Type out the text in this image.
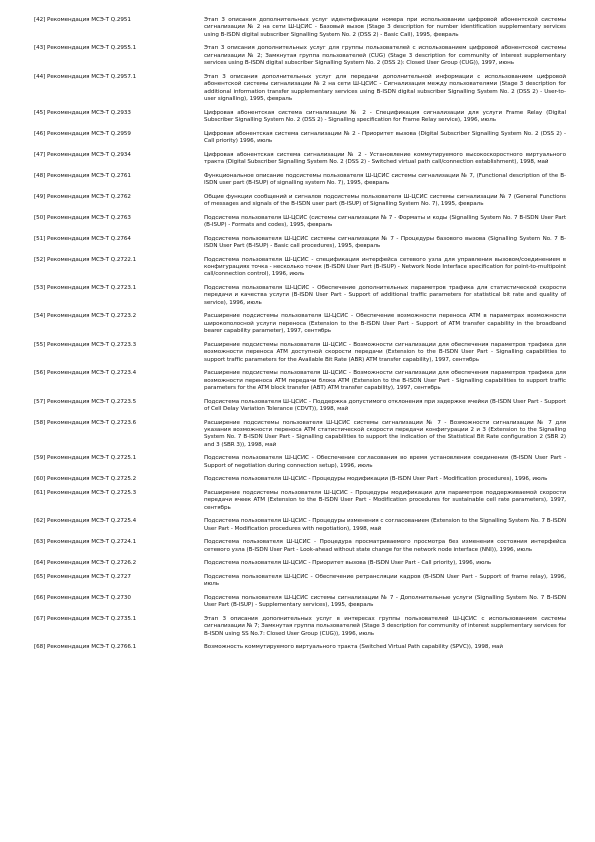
[42] Рекомендация МСЭ-Т Q.2951	Этап 3 описания дополнительных услуг идентификации номера при использовании цифровой абонентской системы сигнализации № 2 на сети Ш-ЦСИС - Базовый вызов (Stage 3 description for number identification supplementary services using B-ISDN digital subscriber Signalling System No. 2 (DSS 2) - Basic Call), 1995, февраль
[43] Рекомендация МСЭ-Т Q.2955.1	Этап 3 описания дополнительных услуг для группы пользователей с использованием цифровой абонентской системы сигнализации № 2; Замкнутая группа пользователей (CUG) (Stage 3 description for community of interest supplementary services using B-ISDN digital subscriber Signalling System No. 2 (DSS 2): Closed User Group (CUG)), 1997, июнь
[44] Рекомендация МСЭ-Т Q.2957.1	Этап 3 описания дополнительных услуг для передачи дополнительной информации с использованием цифровой абонентской системы сигнализации № 2 на сети Ш-ЦСИС - Сигнализация между пользователями (Stage 3 description for additional information transfer supplementary services using B-ISDN digital subscriber Signalling System No. 2 (DSS 2) - User-to-user signalling), 1995, февраль
[45] Рекомендация МСЭ-Т Q.2933	Цифровая абонентская система сигнализации № 2 - Спецификация сигнализации для услуги Frame Relay (Digital Subscriber Signalling System No. 2 (DSS 2) - Signalling specification for Frame Relay service), 1996, июль
[46] Рекомендация МСЭ-Т Q.2959	Цифровая абонентская система сигнализации № 2 - Приоритет вызова (Digital Subscriber Signalling System No. 2 (DSS 2) - Call priority) 1996, июль
[47] Рекомендация МСЭ-Т Q.2934	Цифровая абонентская система сигнализации № 2 - Установление коммутируемого высокоскоростного виртуального тракта (Digital Subscriber Signalling System No. 2 (DSS 2) - Switched virtual path call/connection establishment), 1998, май
[48] Рекомендация МСЭ-Т Q.2761	Функциональное описание подсистемы пользователя Ш-ЦСИС системы сигнализации № 7, (Functional description of the B-ISDN user part (B-ISUP) of signalling system No. 7), 1995, февраль
[49] Рекомендация МСЭ-Т Q.2762	Общие функции сообщений и сигналов подсистемы пользователя Ш-ЦСИС системы сигнализации № 7 (General Functions of messages and signals of the B-ISDN user part (B-ISUP) of Signalling System No. 7), 1995, февраль
[50] Рекомендация МСЭ-Т Q.2763	Подсистема пользователя Ш-ЦСИС (системы сигнализации № 7 - Форматы и коды (Signalling System No. 7 B-ISDN User Part (B-ISUP) - Formats and codes), 1995, февраль
[51] Рекомендация МСЭ-Т Q.2764	Подсистема пользователя Ш-ЦСИС системы сигнализации № 7 - Процедуры базового вызова (Signalling System No. 7 B-ISDN User Part (B-ISUP) - Basic call procedures), 1995, февраль
[52] Рекомендация МСЭ-Т Q.2722.1	Подсистема пользователя Ш-ЦСИС - спецификация интерфейса сетевого узла для управления вызовом/соединением в конфигурациях точка - несколько точек (B-ISDN User Part (B-ISUP) - Network Node Interface specification for point-to-multipoint call/connection control), 1996, июль
[53] Рекомендация МСЭ-Т Q.2723.1	Подсистема пользователя Ш-ЦСИС - Обеспечение дополнительных параметров трафика для статистической скорости передачи и качества услуги (B-ISDN User Part - Support of additional traffic parameters for statistical bit rate and quality of service), 1996, июль
[54] Рекомендация МСЭ-Т Q.2723.2	Расширение подсистемы пользователя Ш-ЦСИС - Обеспечение возможности переноса ATM в параметрах возможности широкополосной услуги переноса (Extension to the B-ISDN User Part - Support of ATM transfer capability in the broadband bearer capability parameter), 1997, сентябрь
[55] Рекомендация МСЭ-Т Q.2723.3	Расширение подсистемы пользователя Ш-ЦСИС - Возможности сигнализации для обеспечения параметров трафика для возможности переноса ATM доступной скорости передачи (Extension to the B-ISDN User Part - Signalling capabilities to support traffic parameters for the Available Bit Rate (ABR) ATM transfer capability), 1997, сентябрь
[56] Рекомендация МСЭ-Т Q.2723.4	Расширение подсистемы пользователя Ш-ЦСИС - Возможности сигнализации для обеспечения параметров трафика для возможности переноса ATM передачи блока ATM (Extension to the B-ISDN User Part - Signalling capabilities to support traffic parameters for the ATM block transfer (ABT) ATM transfer capability), 1997, сентябрь
[57] Рекомендация МСЭ-Т Q.2723.5	Подсистема пользователя Ш-ЦСИС - Поддержка допустимого отклонения при задержке ячейки (B-ISDN User Part - Support of Cell Delay Variation Tolerance (CDVT)), 1998, май
[58] Рекомендация МСЭ-Т Q.2723.6	Расширение подсистемы пользователя Ш-ЦСИС системы сигнализации № 7 - Возможности сигнализации № 7 для указания возможности переноса ATM статистической скорости передачи конфигурации 2 и 3 (Extension to the Signalling System No. 7 B-ISDN User Part - Signalling capabilities to support the indication of the Statistical Bit Rate configuration 2 (SBR 2) and 3 (SBR 3)), 1998, май
[59] Рекомендация МСЭ-Т Q.2725.1	Подсистема пользователя Ш-ЦСИС - Обеспечение согласования во время установления соединения (B-ISDN User Part - Support of negotiation during connection setup), 1996, июль
[60] Рекомендация МСЭ-Т Q.2725.2	Подсистема пользователя Ш-ЦСИС - Процедуры модификации (B-ISDN User Part - Modification procedures), 1996, июль
[61] Рекомендация МСЭ-Т Q.2725.3	Расширение подсистемы пользователя Ш-ЦСИС - Процедуры модификации для параметров поддерживаемой скорости передачи ячеек ATM (Extension to the B-ISDN User Part - Modification procedures for sustainable cell rate parameters), 1997, сентябрь
[62] Рекомендация МСЭ-Т Q.2725.4	Подсистема пользователя Ш-ЦСИС - Процедуры изменения с согласованием (Extension to the Signalling System No. 7 B-ISDN User Part - Modification procedures with negotiation), 1998, май
[63] Рекомендация МСЭ-Т Q.2724.1	Подсистема пользователя Ш-ЦСИС - Процедура просматриваемого просмотра без изменения состояния интерфейса сетевого узла (B-ISDN User Part - Look-ahead without state change for the network node interface (NNI)), 1996, июль
[64] Рекомендация МСЭ-Т Q.2726.2	Подсистема пользователя Ш-ЦСИС - Приоритет вызова (B-ISDN User Part - Call priority), 1996, июль
[65] Рекомендация МСЭ-Т Q.2727	Подсистема пользователя Ш-ЦСИС - Обеспечение ретрансляции кадров (B-ISDN User Part - Support of frame relay), 1996, июль
[66] Рекомендация МСЭ-Т Q.2730	Подсистема пользователя Ш-ЦСИС системы сигнализации № 7 - Дополнительные услуги (Signalling System No. 7 B-ISDN User Part (B-ISUP) - Supplementary services), 1995, февраль
[67] Рекомендация МСЭ-Т Q.2735.1	Этап 3 описания дополнительных услуг в интересах группы пользователей Ш-ЦСИС с использованием системы сигнализации № 7; Замкнутая группа пользователей (Stage 3 description for community of interest supplementary services for B-ISDN using SS No.7: Closed User Group (CUG)), 1996, июль
[68] Рекомендация МСЭ-Т Q.2766.1	Возможность коммутируемого виртуального тракта (Switched Virtual Path capability (SPVC)), 1998, май
